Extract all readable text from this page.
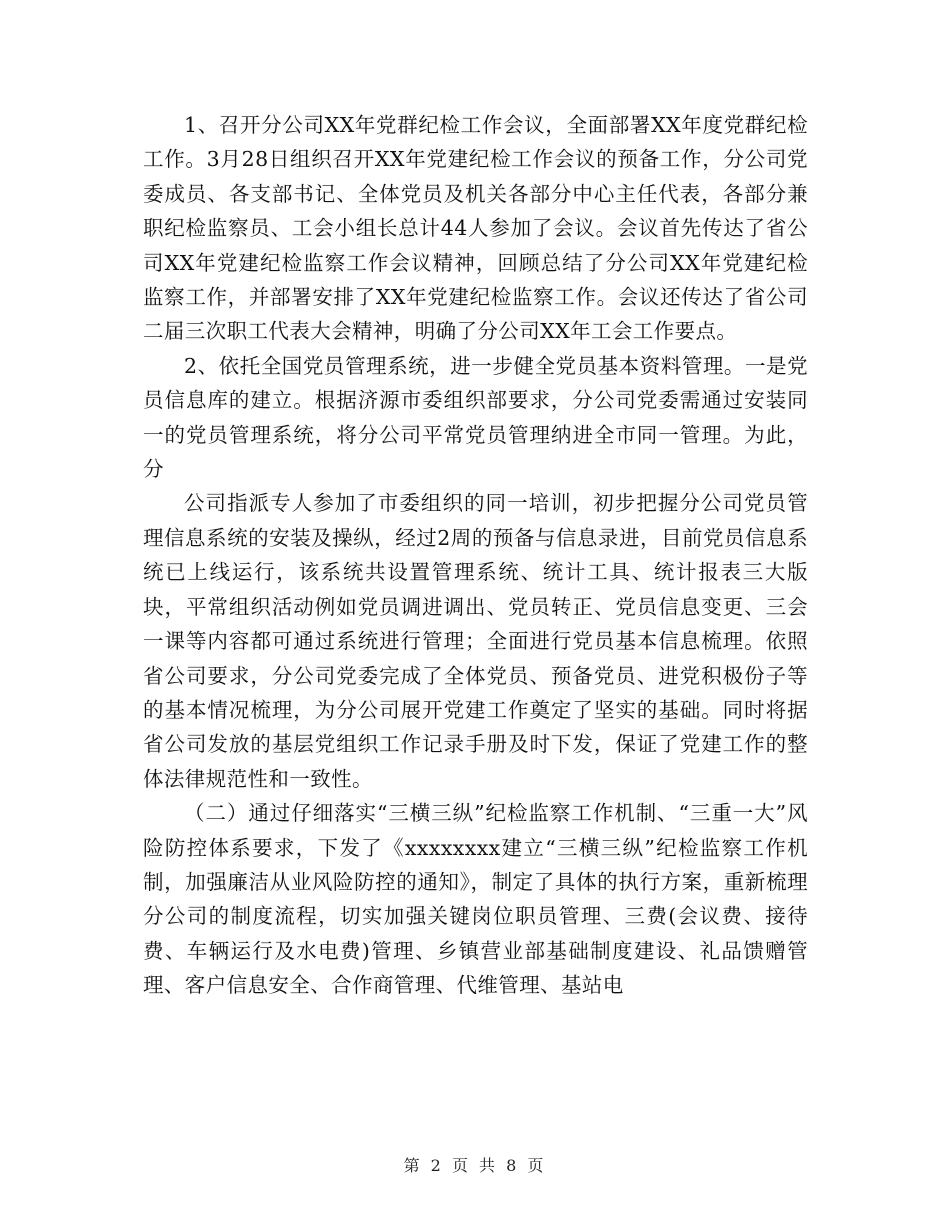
1、召开分公司XX年党群纪检工作会议，全面部署XX年度党群纪检工作。3月28日组织召开XX年党建纪检工作会议的预备工作，分公司党委成员、各支部书记、全体党员及机关各部分中心主任代表，各部分兼职纪检监察员、工会小组长总计44人参加了会议。会议首先传达了省公司XX年党建纪检监察工作会议精神，回顾总结了分公司XX年党建纪检监察工作，并部署安排了XX年党建纪检监察工作。会议还传达了省公司二届三次职工代表大会精神，明确了分公司XX年工会工作要点。

2、依托全国党员管理系统，进一步健全党员基本资料管理。一是党员信息库的建立。根据济源市委组织部要求，分公司党委需通过安装同一的党员管理系统，将分公司平常党员管理纳进全市同一管理。为此，分

公司指派专人参加了市委组织的同一培训，初步把握分公司党员管理信息系统的安装及操纵，经过2周的预备与信息录进，目前党员信息系统已上线运行，该系统共设置管理系统、统计工具、统计报表三大版块，平常组织活动例如党员调进调出、党员转正、党员信息变更、三会一课等内容都可通过系统进行管理；全面进行党员基本信息梳理。依照省公司要求，分公司党委完成了全体党员、预备党员、进党积极份子等的基本情况梳理，为分公司展开党建工作奠定了坚实的基础。同时将据省公司发放的基层党组织工作记录手册及时下发，保证了党建工作的整体法律规范性和一致性。

（二）通过仔细落实“三横三纵”纪检监察工作机制、“三重一大”风险防控体系要求，下发了《xxxxxxxx建立“三横三纵”纪检监察工作机制，加强廉洁从业风险防控的通知》，制定了具体的执行方案，重新梳理分公司的制度流程，切实加强关键岗位职员管理、三费(会议费、接待费、车辆运行及水电费)管理、乡镇营业部基础制度建设、礼品馈赠管理、客户信息安全、合作商管理、代维管理、基站电

第 2 页 共 8 页
